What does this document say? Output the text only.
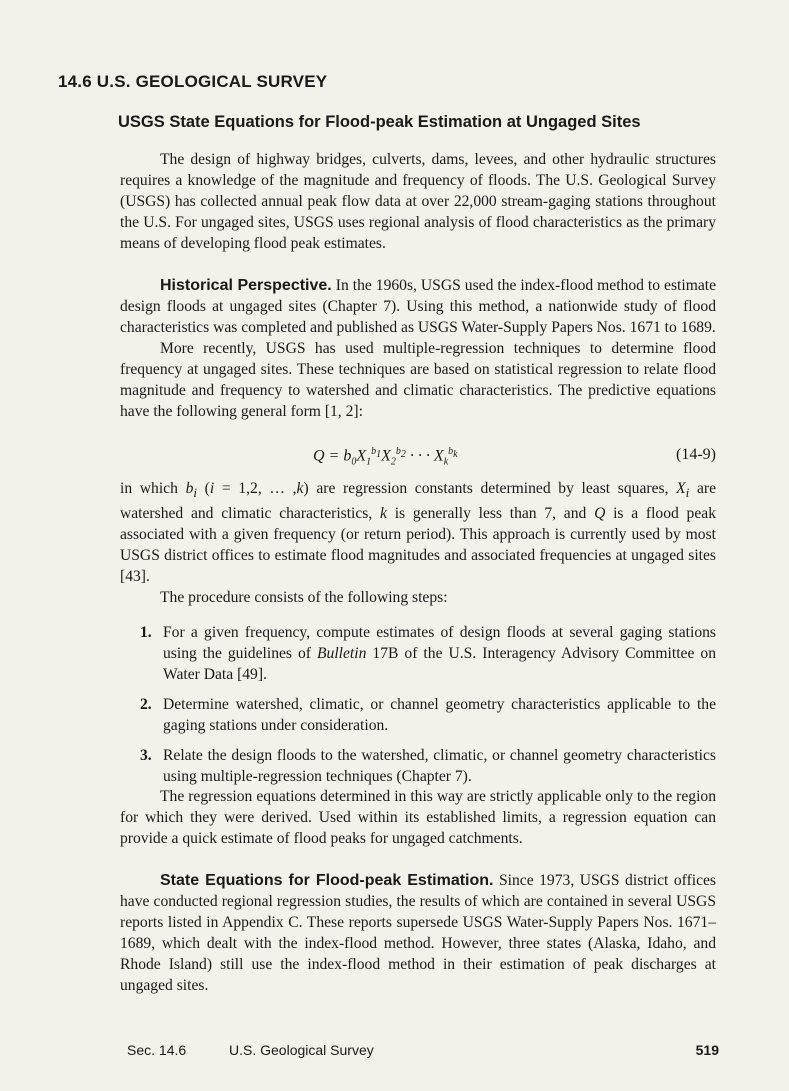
14.6 U.S. GEOLOGICAL SURVEY
USGS State Equations for Flood-peak Estimation at Ungaged Sites

The design of highway bridges, culverts, dams, levees, and other hydraulic structures requires a knowledge of the magnitude and frequency of floods. The U.S. Geological Survey (USGS) has collected annual peak flow data at over 22,000 stream-gaging stations throughout the U.S. For ungaged sites, USGS uses regional analysis of flood characteristics as the primary means of developing flood peak estimates.

Historical Perspective. In the 1960s, USGS used the index-flood method to estimate design floods at ungaged sites (Chapter 7). Using this method, a nationwide study of flood characteristics was completed and published as USGS Water-Supply Papers Nos. 1671 to 1689.

More recently, USGS has used multiple-regression techniques to determine flood frequency at ungaged sites. These techniques are based on statistical regression to relate flood magnitude and frequency to watershed and climatic characteristics. The predictive equations have the following general form [1, 2]:

$Q = b_0X_1^{b_1}X_2^{b_2}$ · · · $X_k^{b_k}$	(14-9)

in which $b_i$ (i = 1,2, … ,k) are regression constants determined by least squares, $X_i$ are watershed and climatic characteristics, k is generally less than 7, and Q is a flood peak associated with a given frequency (or return period). This approach is currently used by most USGS district offices to estimate flood magnitudes and associated frequencies at ungaged sites [43].

The procedure consists of the following steps:

1. For a given frequency, compute estimates of design floods at several gaging stations using the guidelines of Bulletin 17B of the U.S. Interagency Advisory Committee on Water Data [49].
2. Determine watershed, climatic, or channel geometry characteristics applicable to the gaging stations under consideration.
3. Relate the design floods to the watershed, climatic, or channel geometry characteristics using multiple-regression techniques (Chapter 7).

The regression equations determined in this way are strictly applicable only to the region for which they were derived. Used within its established limits, a regression equation can provide a quick estimate of flood peaks for ungaged catchments.

State Equations for Flood-peak Estimation. Since 1973, USGS district offices have conducted regional regression studies, the results of which are contained in several USGS reports listed in Appendix C. These reports supersede USGS Water-Supply Papers Nos. 1671–1689, which dealt with the index-flood method. However, three states (Alaska, Idaho, and Rhode Island) still use the index-flood method in their estimation of peak discharges at ungaged sites.

Sec. 14.6	U.S. Geological Survey	519
